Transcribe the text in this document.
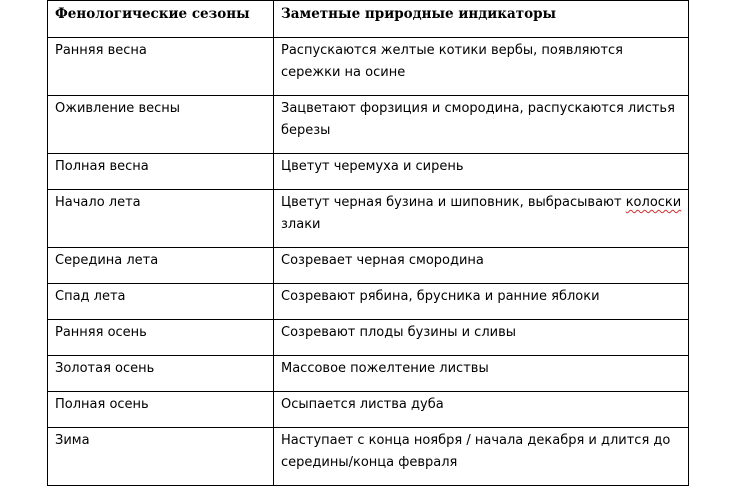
Фенологические сезоны	Заметные природные индикаторы
Ранняя весна	Распускаются желтые котики вербы, появляются сережки на осине
Оживление весны	Зацветают форзиция и смородина, распускаются листья березы
Полная весна	Цветут черемуха и сирень
Начало лета	Цветут черная бузина и шиповник, выбрасывают колоски злаки
Середина лета	Созревает черная смородина
Спад лета	Созревают рябина, брусника и ранние яблоки
Ранняя осень	Созревают плоды бузины и сливы
Золотая осень	Массовое пожелтение листвы
Полная осень	Осыпается листва дуба
Зима	Наступает с конца ноября / начала декабря и длится до середины/конца февраля
